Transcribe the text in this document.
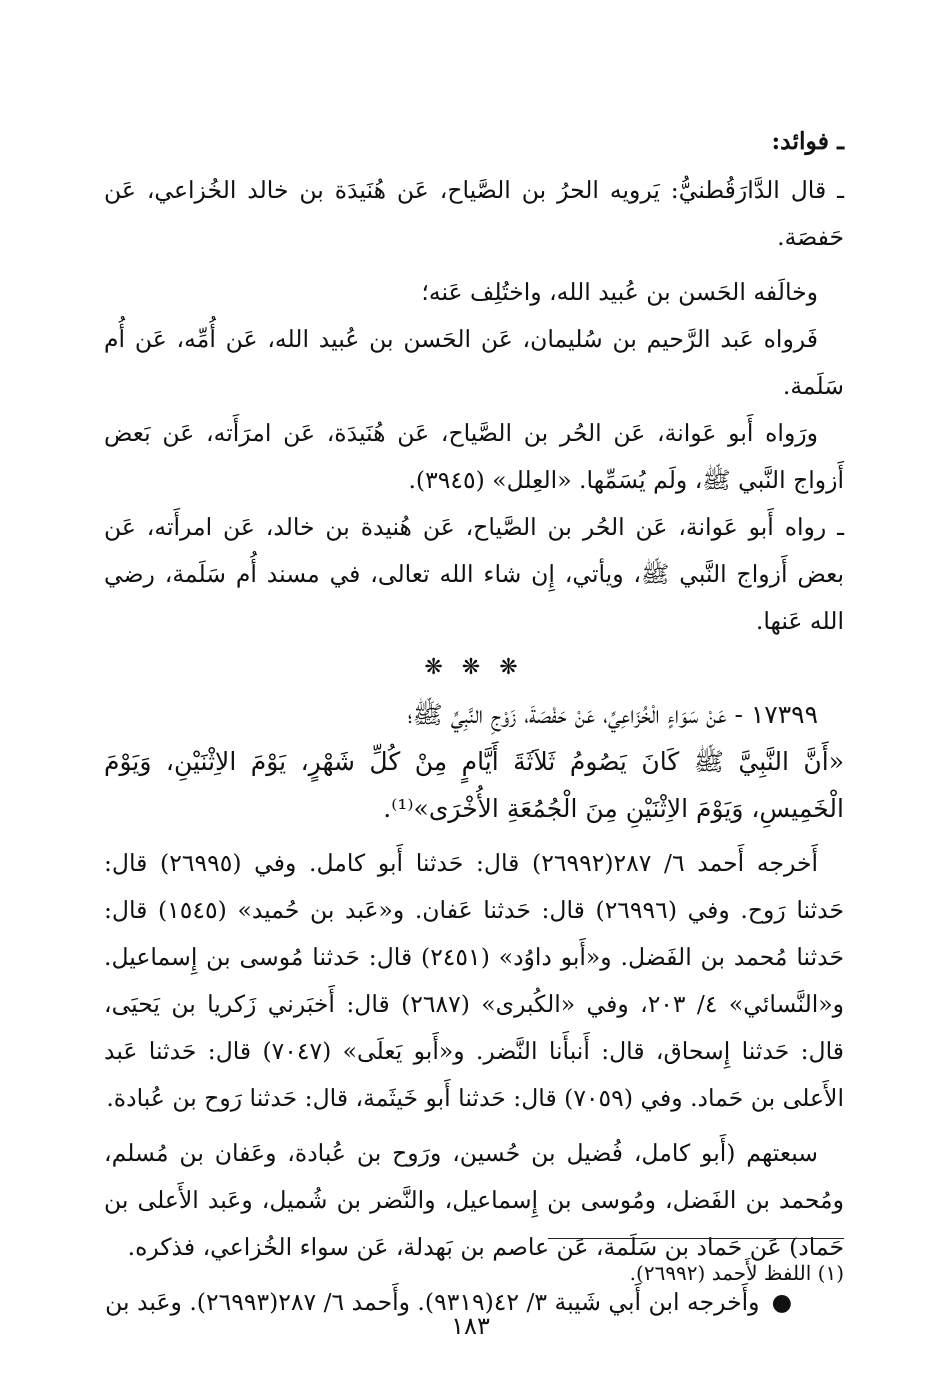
ـ فوائد:

ـ قال الدَّارَقُطنيُّ: يَرويه الحرُ بن الصَّياح، عَن هُنَيدَة بن خالد الخُزاعي، عَن حَفصَة.

وخالَفه الحَسن بن عُبيد الله، واختُلِف عَنه؛

فَرواه عَبد الرَّحيم بن سُليمان، عَن الحَسن بن عُبيد الله، عَن أُمِّه، عَن أُم سَلَمة.

ورَواه أَبو عَوانة، عَن الحُر بن الصَّياح، عَن هُنَيدَة، عَن امرَأَته، عَن بَعض أَزواج النَّبي ﷺ، ولَم يُسَمِّها. «العِلل» (٣٩٤٥).

ـ رواه أَبو عَوانة، عَن الحُر بن الصَّياح، عَن هُنيدة بن خالد، عَن امرأَته، عَن بعض أَزواج النَّبي ﷺ، ويأتي، إِن شاء الله تعالى، في مسند أُم سَلَمة، رضي الله عَنها.

❋ ❋ ❋

١٧٣٩٩ - عَنْ سَوَاءٍ الْخُزَاعِيِّ، عَنْ حَفْصَةَ، زَوْجِ النَّبِيِّ ﷺ؛

«أَنَّ النَّبِيَّ ﷺ كَانَ يَصُومُ ثَلاَثَةَ أَيَّامٍ مِنْ كُلِّ شَهْرٍ، يَوْمَ الاِثْنَيْنِ، وَيَوْمَ الْخَمِيسِ، وَيَوْمَ الاِثْنَيْنِ مِنَ الْجُمُعَةِ الأُخْرَى»⁽¹⁾.

أَخرجه أَحمد ٦/ ٢٨٧(٢٦٩٩٢) قال: حَدثنا أَبو كامل. وفي (٢٦٩٩٥) قال: حَدثنا رَوح. وفي (٢٦٩٩٦) قال: حَدثنا عَفان. و«عَبد بن حُميد» (١٥٤٥) قال: حَدثنا مُحمد بن الفَضل. و«أَبو داوُد» (٢٤٥١) قال: حَدثنا مُوسى بن إِسماعيل. و«النَّسائي» ٤/ ٢٠٣، وفي «الكُبرى» (٢٦٨٧) قال: أَخبَرني زَكريا بن يَحيَى، قال: حَدثنا إِسحاق، قال: أَنبأَنا النَّضر. و«أَبو يَعلَى» (٧٠٤٧) قال: حَدثنا عَبد الأَعلى بن حَماد. وفي (٧٠٥٩) قال: حَدثنا أَبو خَيثَمة، قال: حَدثنا رَوح بن عُبادة.

سبعتهم (أَبو كامل، فُضيل بن حُسين، ورَوح بن عُبادة، وعَفان بن مُسلم، ومُحمد بن الفَضل، ومُوسى بن إِسماعيل، والنَّضر بن شُميل، وعَبد الأَعلى بن حَماد) عَن حَماد بن سَلَمة، عَن عاصم بن بَهدلة، عَن سواء الخُزاعي، فذكره.

●وأَخرجه ابن أَبي شَيبة ٣/ ٤٢(٩٣١٩). وأَحمد ٦/ ٢٨٧(٢٦٩٩٣). وعَبد بن

(١) اللفظ لأَحمد (٢٦٩٩٢).
١٨٣
